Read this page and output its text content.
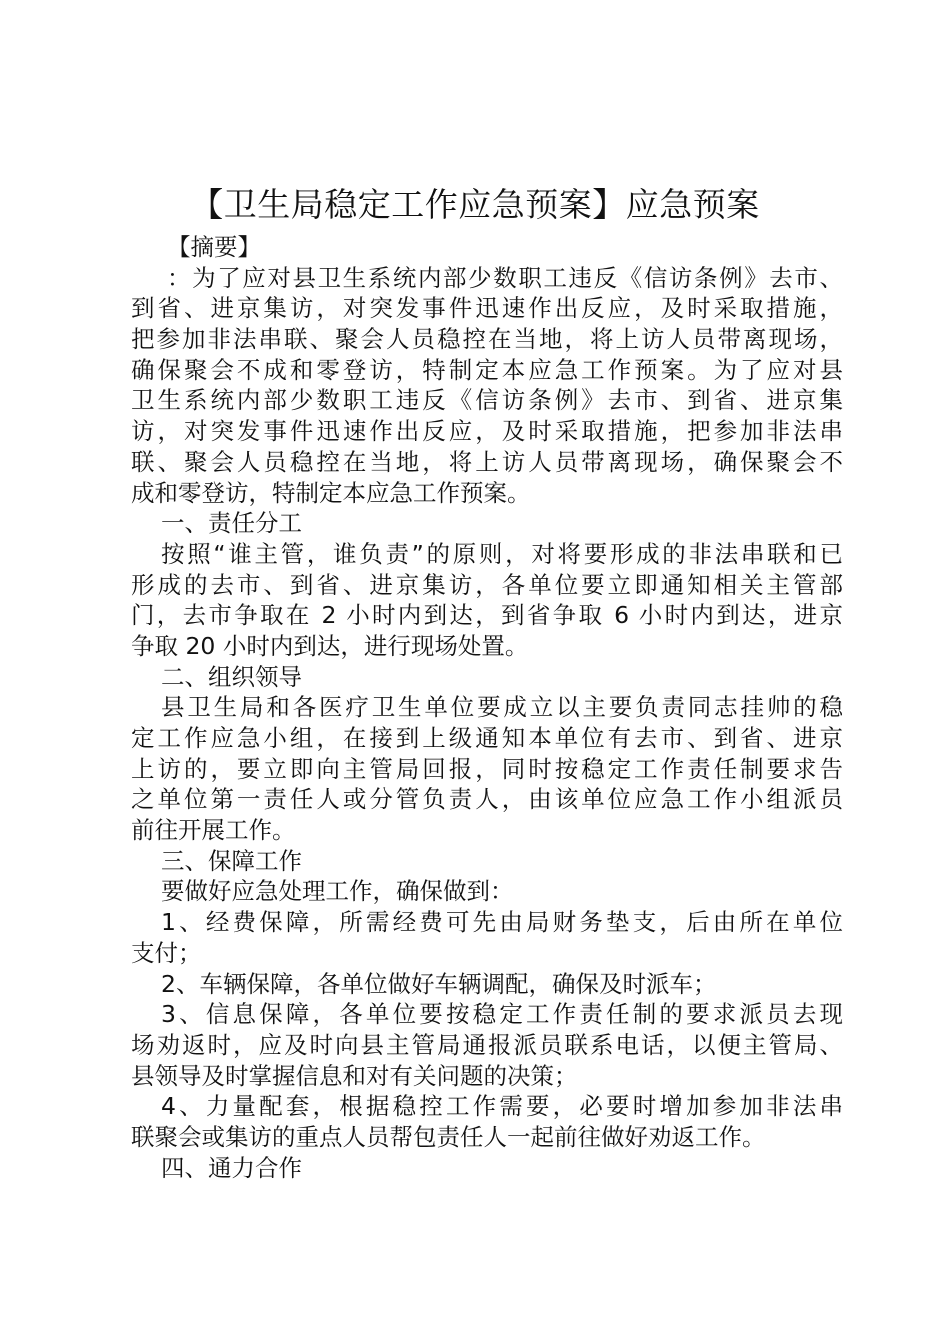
【卫生局稳定工作应急预案】应急预案
【摘要】
：为了应对县卫生系统内部少数职工违反《信访条例》去市、
到省、进京集访，对突发事件迅速作出反应，及时采取措施，
把参加非法串联、聚会人员稳控在当地，将上访人员带离现场，
确保聚会不成和零登访，特制定本应急工作预案。为了应对县
卫生系统内部少数职工违反《信访条例》去市、到省、进京集
访，对突发事件迅速作出反应，及时采取措施，把参加非法串
联、聚会人员稳控在当地，将上访人员带离现场，确保聚会不
成和零登访，特制定本应急工作预案。
一、责任分工
按照“谁主管，谁负责”的原则，对将要形成的非法串联和已
形成的去市、到省、进京集访，各单位要立即通知相关主管部
门，去市争取在 2 小时内到达，到省争取 6 小时内到达，进京
争取 20 小时内到达，进行现场处置。
二、组织领导
县卫生局和各医疗卫生单位要成立以主要负责同志挂帅的稳
定工作应急小组，在接到上级通知本单位有去市、到省、进京
上访的，要立即向主管局回报，同时按稳定工作责任制要求告
之单位第一责任人或分管负责人，由该单位应急工作小组派员
前往开展工作。
三、保障工作
要做好应急处理工作，确保做到：
1、经费保障，所需经费可先由局财务垫支，后由所在单位
支付；
2、车辆保障，各单位做好车辆调配，确保及时派车；
3、信息保障，各单位要按稳定工作责任制的要求派员去现
场劝返时，应及时向县主管局通报派员联系电话，以便主管局、
县领导及时掌握信息和对有关问题的决策；
4、力量配套，根据稳控工作需要，必要时增加参加非法串
联聚会或集访的重点人员帮包责任人一起前往做好劝返工作。
四、通力合作
